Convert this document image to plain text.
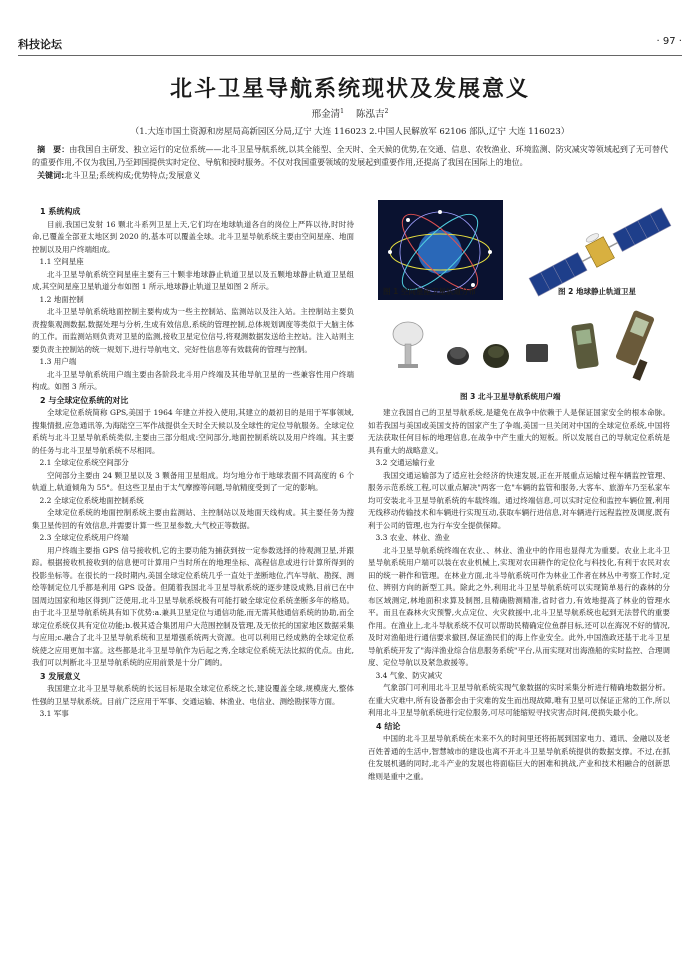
科技论坛	· 97 ·
北斗卫星导航系统现状及发展意义
邢金清$^1$ 陈泓吉$^2$
（1.大连市国土资源和房屋局高新园区分局,辽宁 大连 116023 2.中国人民解放军 62106 部队,辽宁 大连 116023）
摘　要：由我国自主研发、独立运行的定位系统——北斗卫星导航系统,以其全能型、全天时、全天候的优势,在交通、信息、农牧渔业、环境监测、防灾减灾等领域起到了无可替代的重要作用,不仅为我国,乃至卸国提供实时定位、导航和授时服务。不仅对我国重要领域的发展起到重要作用,还提高了我国在国际上的地位。
关键词:北斗卫星;系统构成;优势特点;发展意义
1 系统构成

目前,我国已发射 16 颗北斗系列卫星上天,它们均在地球轨道各自的岗位上严阵以待,时时待命,已覆盖全部亚太地区到 2020 的,基本可以覆盖全球。北斗卫星导航系统主要由空间星座、地面控制以及用户终端组成。

1.1 空间星座

北斗卫星导航系统空间星座主要有三十颗非地球静止轨道卫星以及五颗地球静止轨道卫星组成,其空间星座卫星轨道分布如图 1 所示,地球静止轨道卫星如图 2 所示。

1.2 地面控制

北斗卫星导航系统地面控制主要构成为一些主控制站、监测站以及注入站。主控制站主要负责搜集观测数据,数据处理与分析,生成有效信息,系统的管理控制,总体规划调度等类似于大脑主体的工作。而监测站则负责对卫星的监测,接收卫星定位信号,将观测数据发送给主控站。注入站则主要负责主控制站的统一规划下,进行导航电文、完好性信息等有效载荷的管理与控制。

1.3 用户端

北斗卫星导航系统用户端主要由各阶段北斗用户终端及其他导航卫星的一些兼容性用户终端构成。如图 3 所示。

2 与全球定位系统的对比

全球定位系统简称 GPS,美国于 1964 年建立并投入使用,其建立的最初目的是用于军事领域,搜集情报,应急通讯等,为海陆空三军作战提供全天时全天候以及全球性的定位导航服务。全球定位系统与北斗卫星导航系统类似,主要由三部分组成:空间部分,地面控制系统以及用户终端。其主要的任务与北斗卫星导航系统不尽相同。

2.1 全球定位系统空间部分

空间部分主要由 24 颗卫星以及 3 颗备用卫星组成。均匀地分布于地球表面不同高度的 6 个轨道上,轨道倾角为 55°。但这些卫星由于太气摩擦等问题,导航精度受到了一定的影响。

2.2 全球定位系统地面控制系统

全球定位系统的地面控制系统主要由监测站、主控制站以及地面天线构成。其主要任务为搜集卫星传回的有效信息,并需要计算一些卫星参数,大气校正等数据。

2.3 全球定位系统用户终端

用户终端主要指 GPS 信号接收机,它的主要功能为捕获到按一定参数选择的待观测卫星,并跟踪。根据接收机接收到的信息便可计算用户当时所在的地理坐标、高程信息或进行计算所得到的投影坐标等。在很长的一段时期内,美国全球定位系统几乎一直处于垄断地位,汽车导航、勘探、测绘等制定位几乎都是利用 GPS 设备。但随着我国北斗卫星导航系统的逐步建设成熟,目前已在中国周边国家和地区得到广泛使用,北斗卫星导航系统极有可能打破全球定位系统垄断多年的格局。由于北斗卫星导航系统具有如下优势:a.兼具卫星定位与通信功能,而无需其他通信系统的协助,而全球定位系统仅具有定位功能;b.极其适合集团用户大范围控制及管理,及无依托的国家地区数据采集与应用;c.融合了北斗卫星导航系统和卫星增强系统两大资源。也可以利用已经成熟的全球定位系统使之应用更加丰富。这些都是北斗卫星导航作为后起之秀,全球定位系统无法比拟的优点。由此,我们可以判断北斗卫星导航系统的应用前景是十分广阔的。

3 发展意义

我国建立北斗卫星导航系统的长远目标是取全球定位系统之长,建设覆盖全球,规模庞大,整体性强的卫星导航系统。目前广泛应用于军事、交通运输、林渔业、电信业、测绘勘探等方面。

3.1 军事

建立我国自己的卫星导航系统,是避免在战争中依赖于人是保证国家安全的根本命脉。如若我国与美国或美国支持的国家产生了争端,美国一旦关闭对中国的全球定位系统,中国将无法获取任何目标的地理信息,在战争中产生重大的短板。所以发展自己的导航定位系统是具有重大的战略意义。

3.2 交通运输行业

我国交通运输部为了适应社会经济的快速发展,正在开展重点运输过程车辆监控管理、服务示范系统工程,可以重点解决"两客一危"车辆的监管和服务,大客车、旅游车乃至私家车均可安装北斗卫星导航系统的车载终端。通过终端信息,可以实时定位和监控车辆位置,利用无线移动传输技术和车辆进行实现互动,获取车辆行进信息,对车辆进行远程监控及调度,既有利于公司的管理,也为行车安全提供保障。

3.3 农业、林业、渔业

北斗卫星导航系统终端在农业、、林业、渔业中的作用也显得尤为重要。农业上北斗卫星导航系统用户端可以装在农业机械上,实现对农田耕作的定位化与科技化,有利于农民对农田的统一耕作和管理。在林业方面,北斗导航系统可作为林业工作者在林丛中考察工作时,定位、辨别方向的新型工具。除此之外,利用北斗卫星导航系统可以实现简单易行的森林的分布区域测定,林地面积求算及制图,且精确勘测精准,省时省力,有效地提高了林业的管理水平。而且在森林火灾预警,火点定位、火灾救援中,北斗卫星导航系统也起到无法替代的重要作用。在渔业上,北斗导航系统不仅可以帮助民精确定位鱼群目标,还可以在海况不好的情况,及时对渔船进行通信要求撤回,保证渔民们的海上作业安全。此外,中国渔政还基于北斗卫星导航系统开发了"海洋渔业综合信息服务系统"平台,从而实现对出海渔船的实时监控、合理调度、定位导航以及紧急救援等。

3.4 气象、防灾减灾

气象部门可利用北斗卫星导航系统实现气象数据的实时采集分析进行精确地数据分析。在重大灾难中,所有设备都会由于灾难的发生而出现故障,唯有卫星可以保证正常的工作,所以利用北斗卫星导航系统进行定位服务,可尽可能缩短寻找灾害点时间,使损失最小化。

4 结论

中国的北斗卫星导航系统在未来不久的时间里还将拓展到国家电力、通讯、金融以及老百姓普通的生活中,智慧城市的建设也离不开北斗卫星导航系统提供的数据支撑。不过,在抓住发展机遇的同时,北斗产业的发展也将面临巨大的困难和挑战,产业和技术相融合的创新思维则是重中之重。

图 1 空间星座卫星轨道分布	图 2 地球静止轨道卫星
图 3 北斗卫星导航系统用户端
